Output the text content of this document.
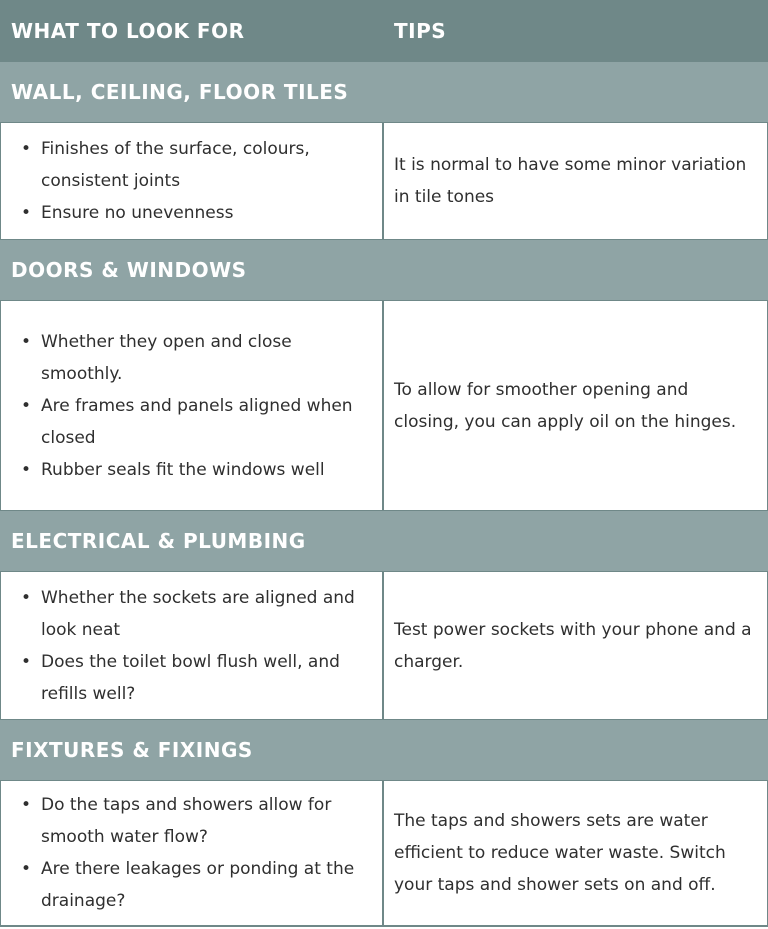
WHAT TO LOOK FOR	TIPS
WALL, CEILING, FLOOR TILES
• Finishes of the surface, colours, consistent joints
• Ensure no unevenness
It is normal to have some minor variation in tile tones
DOORS & WINDOWS
• Whether they open and close smoothly.
• Are frames and panels aligned when closed
• Rubber seals fit the windows well
To allow for smoother opening and closing, you can apply oil on the hinges.
ELECTRICAL & PLUMBING
• Whether the sockets are aligned and look neat
• Does the toilet bowl flush well, and refills well?
Test power sockets with your phone and a charger.
FIXTURES & FIXINGS
• Do the taps and showers allow for smooth water flow?
• Are there leakages or ponding at the drainage?
The taps and showers sets are water efficient to reduce water waste. Switch your taps and shower sets on and off.
